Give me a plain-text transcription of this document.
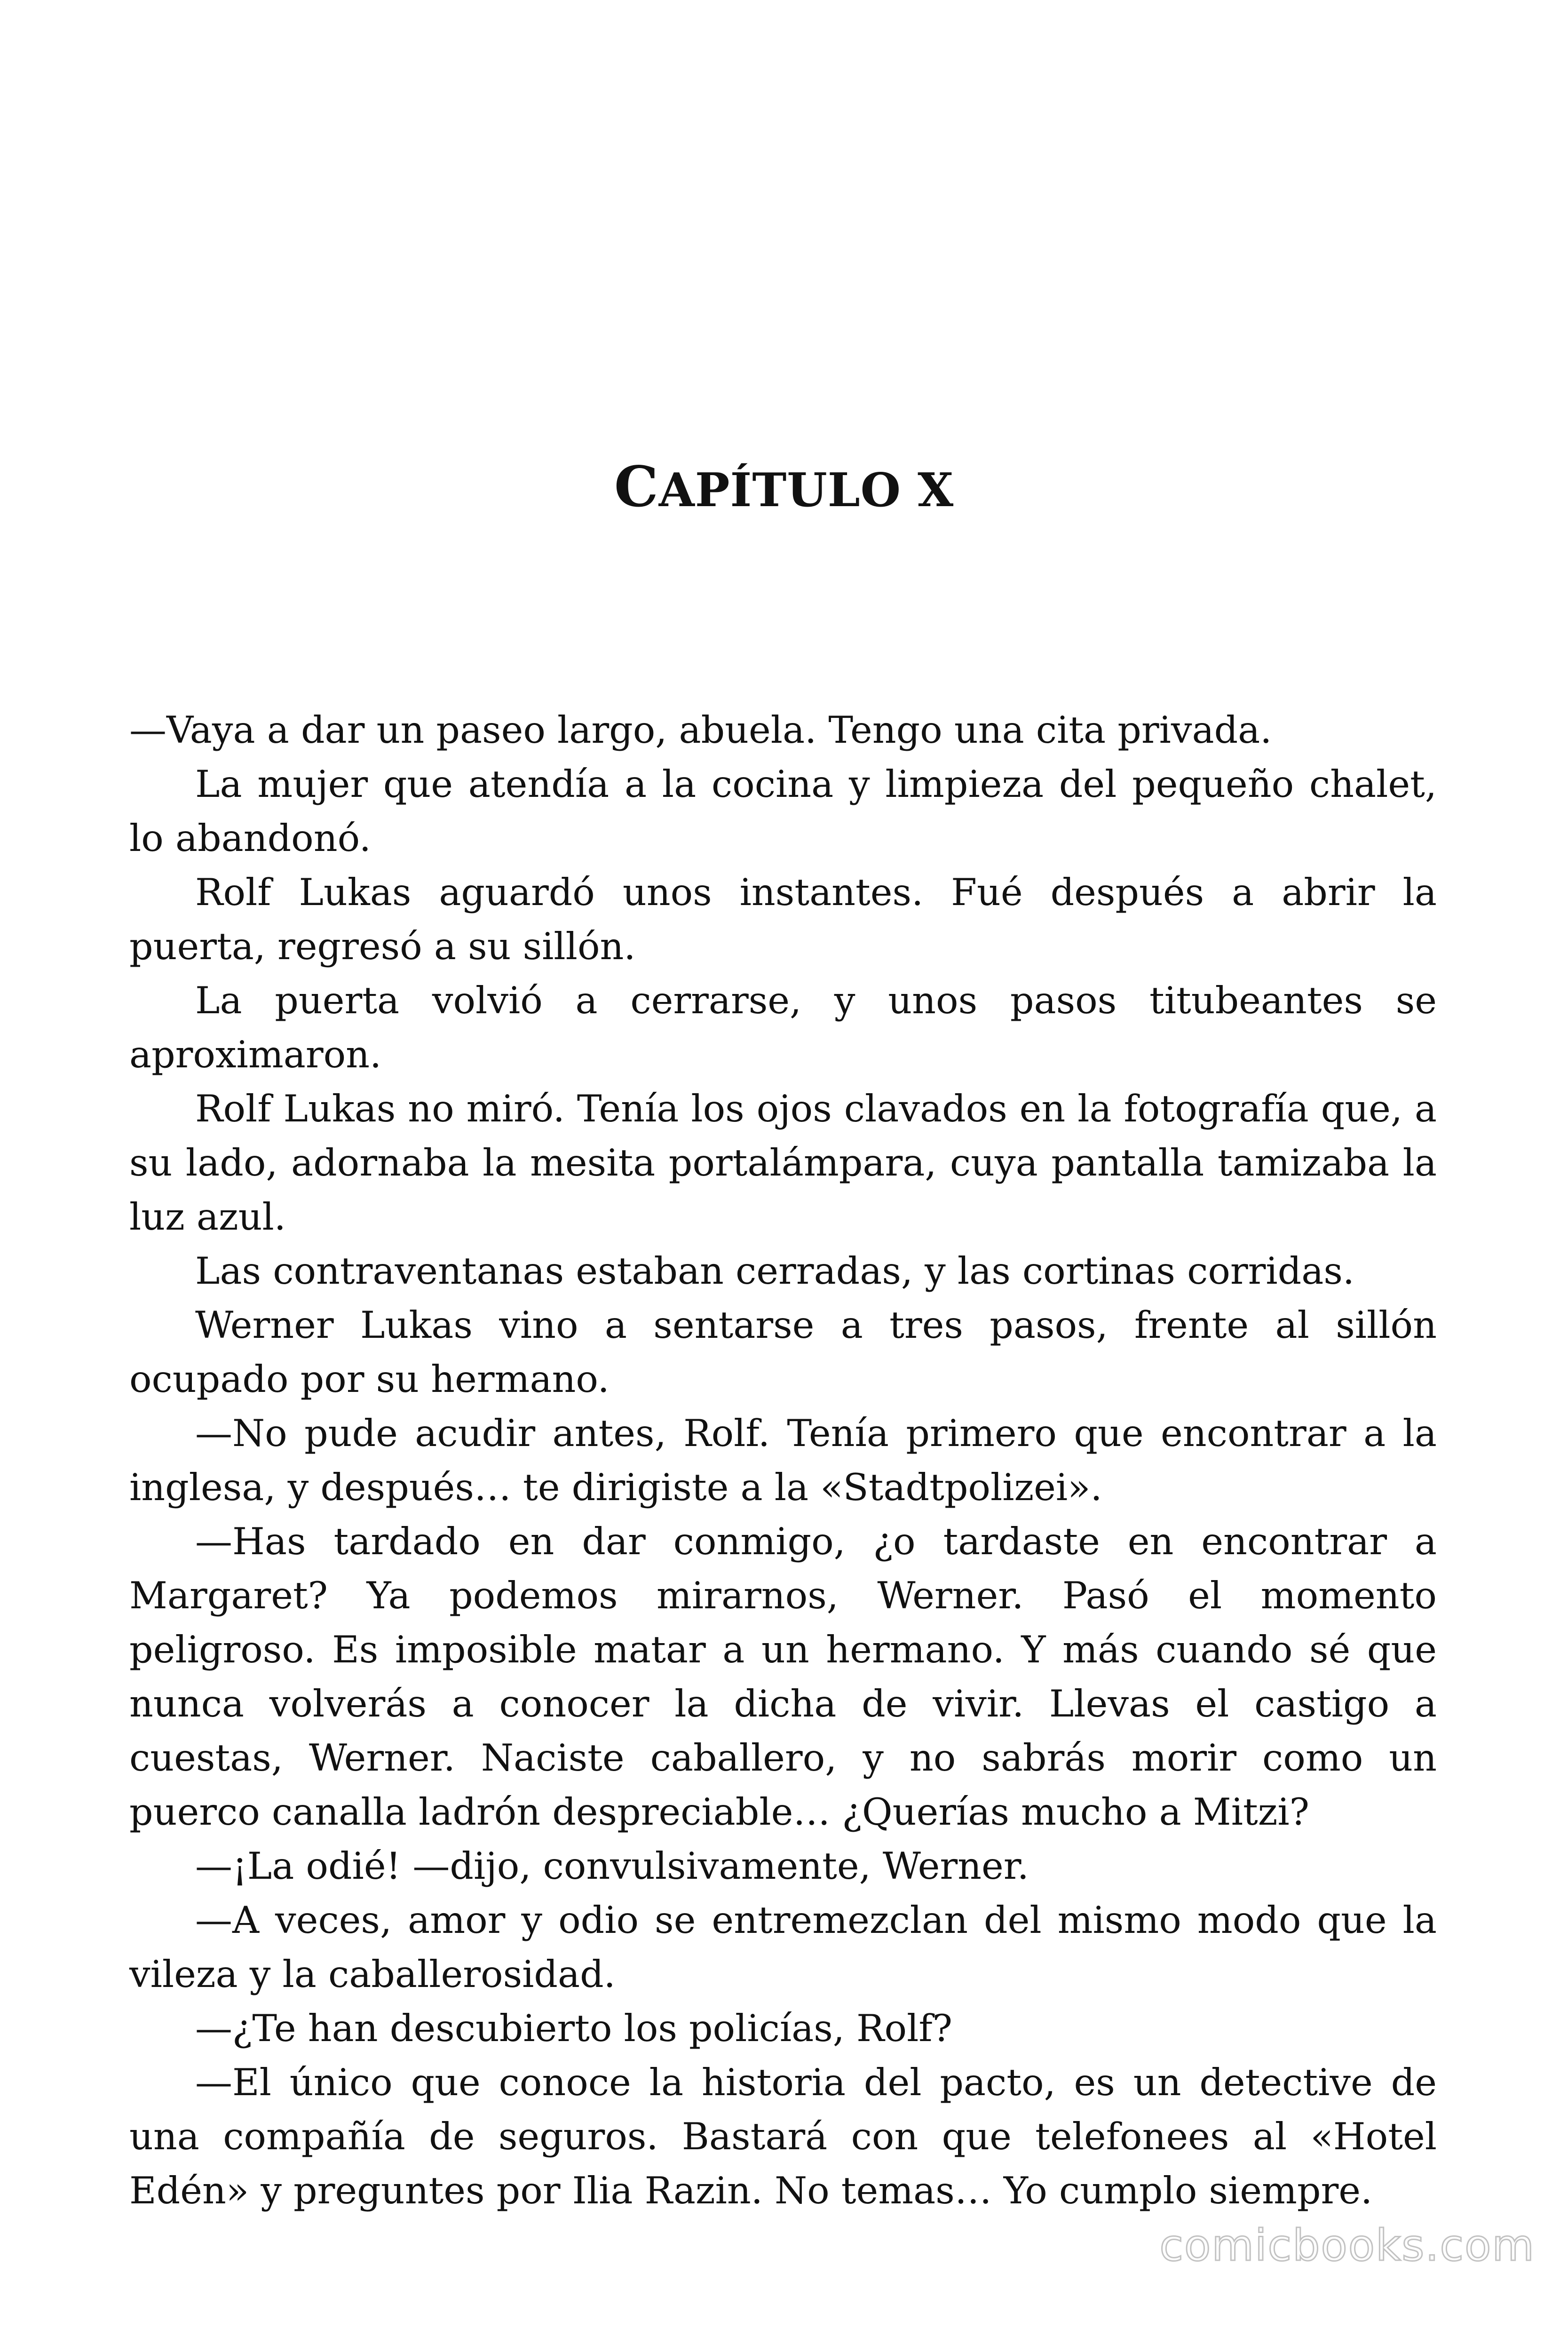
CAPÍTULO X

—Vaya a dar un paseo largo, abuela. Tengo una cita privada.

La mujer que atendía a la cocina y limpieza del pequeño chalet, lo abandonó.

Rolf Lukas aguardó unos instantes. Fué después a abrir la puerta, regresó a su sillón.

La puerta volvió a cerrarse, y unos pasos titubeantes se aproximaron.

Rolf Lukas no miró. Tenía los ojos clavados en la fotografía que, a su lado, adornaba la mesita portalámpara, cuya pantalla tamizaba la luz azul.

Las contraventanas estaban cerradas, y las cortinas corridas.

Werner Lukas vino a sentarse a tres pasos, frente al sillón ocupado por su hermano.

—No pude acudir antes, Rolf. Tenía primero que encontrar a la inglesa, y después… te dirigiste a la «Stadtpolizei».

—Has tardado en dar conmigo, ¿o tardaste en encontrar a Margaret? Ya podemos mirarnos, Werner. Pasó el momento peligroso. Es imposible matar a un hermano. Y más cuando sé que nunca volverás a conocer la dicha de vivir. Llevas el castigo a cuestas, Werner. Naciste caballero, y no sabrás morir como un puerco canalla ladrón despreciable… ¿Querías mucho a Mitzi?

—¡La odié! —dijo, convulsivamente, Werner.

—A veces, amor y odio se entremezclan del mismo modo que la vileza y la caballerosidad.

—¿Te han descubierto los policías, Rolf?

—El único que conoce la historia del pacto, es un detective de una compañía de seguros. Bastará con que telefonees al «Hotel Edén» y preguntes por Ilia Razin. No temas… Yo cumplo siempre.

comicbooks.com
